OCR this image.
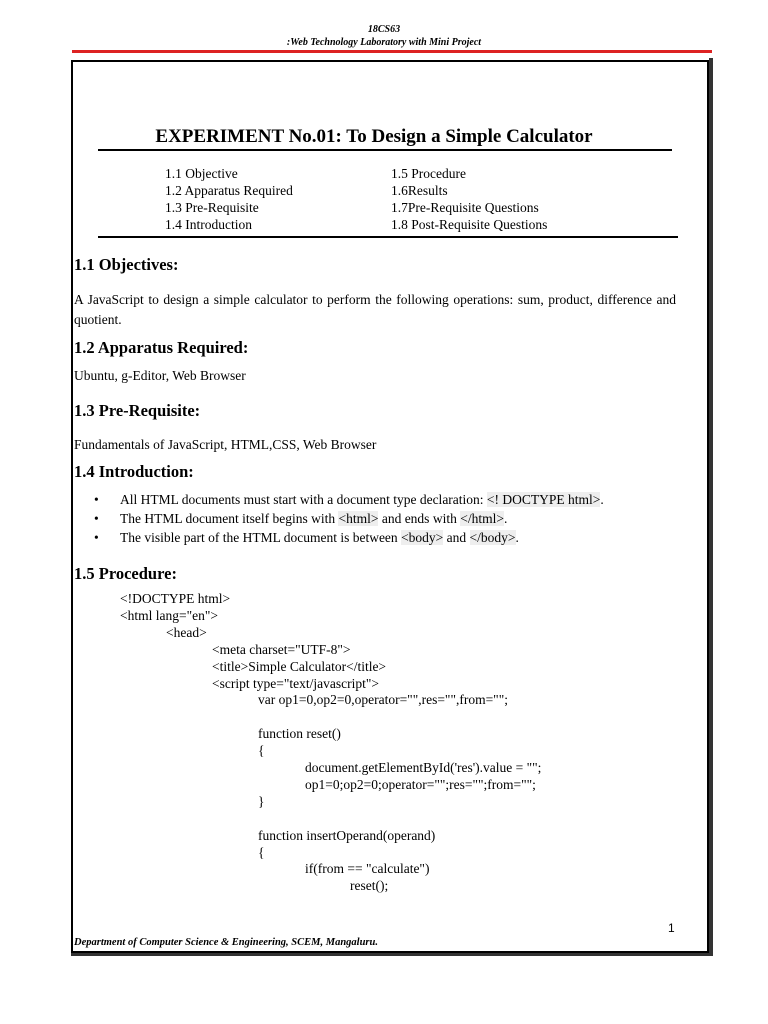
18CS63
:Web Technology Laboratory with Mini Project
EXPERIMENT No.01: To Design a Simple Calculator
1.1 Objective
1.2 Apparatus Required
1.3 Pre-Requisite
1.4 Introduction
1.5 Procedure
1.6Results
1.7Pre-Requisite Questions
1.8 Post-Requisite Questions
1.1 Objectives:
A JavaScript to design a simple calculator to perform the following operations: sum, product, difference and quotient.
1.2 Apparatus Required:
Ubuntu, g-Editor, Web Browser
1.3 Pre-Requisite:
Fundamentals of JavaScript, HTML,CSS, Web Browser
1.4 Introduction:
• All HTML documents must start with a document type declaration: <! DOCTYPE html>.
• The HTML document itself begins with <html> and ends with </html>.
• The visible part of the HTML document is between <body> and </body>.
1.5 Procedure:
<!DOCTYPE html>
<html lang="en">
<head>
<meta charset="UTF-8">
<title>Simple Calculator</title>
<script type="text/javascript">
var op1=0,op2=0,operator="",res="",from="";
function reset()
{
document.getElementById('res').value = "";
op1=0;op2=0;operator="";res="";from="";
}
function insertOperand(operand)
{
if(from == "calculate")
reset();
1
Department of Computer Science & Engineering, SCEM, Mangaluru.
